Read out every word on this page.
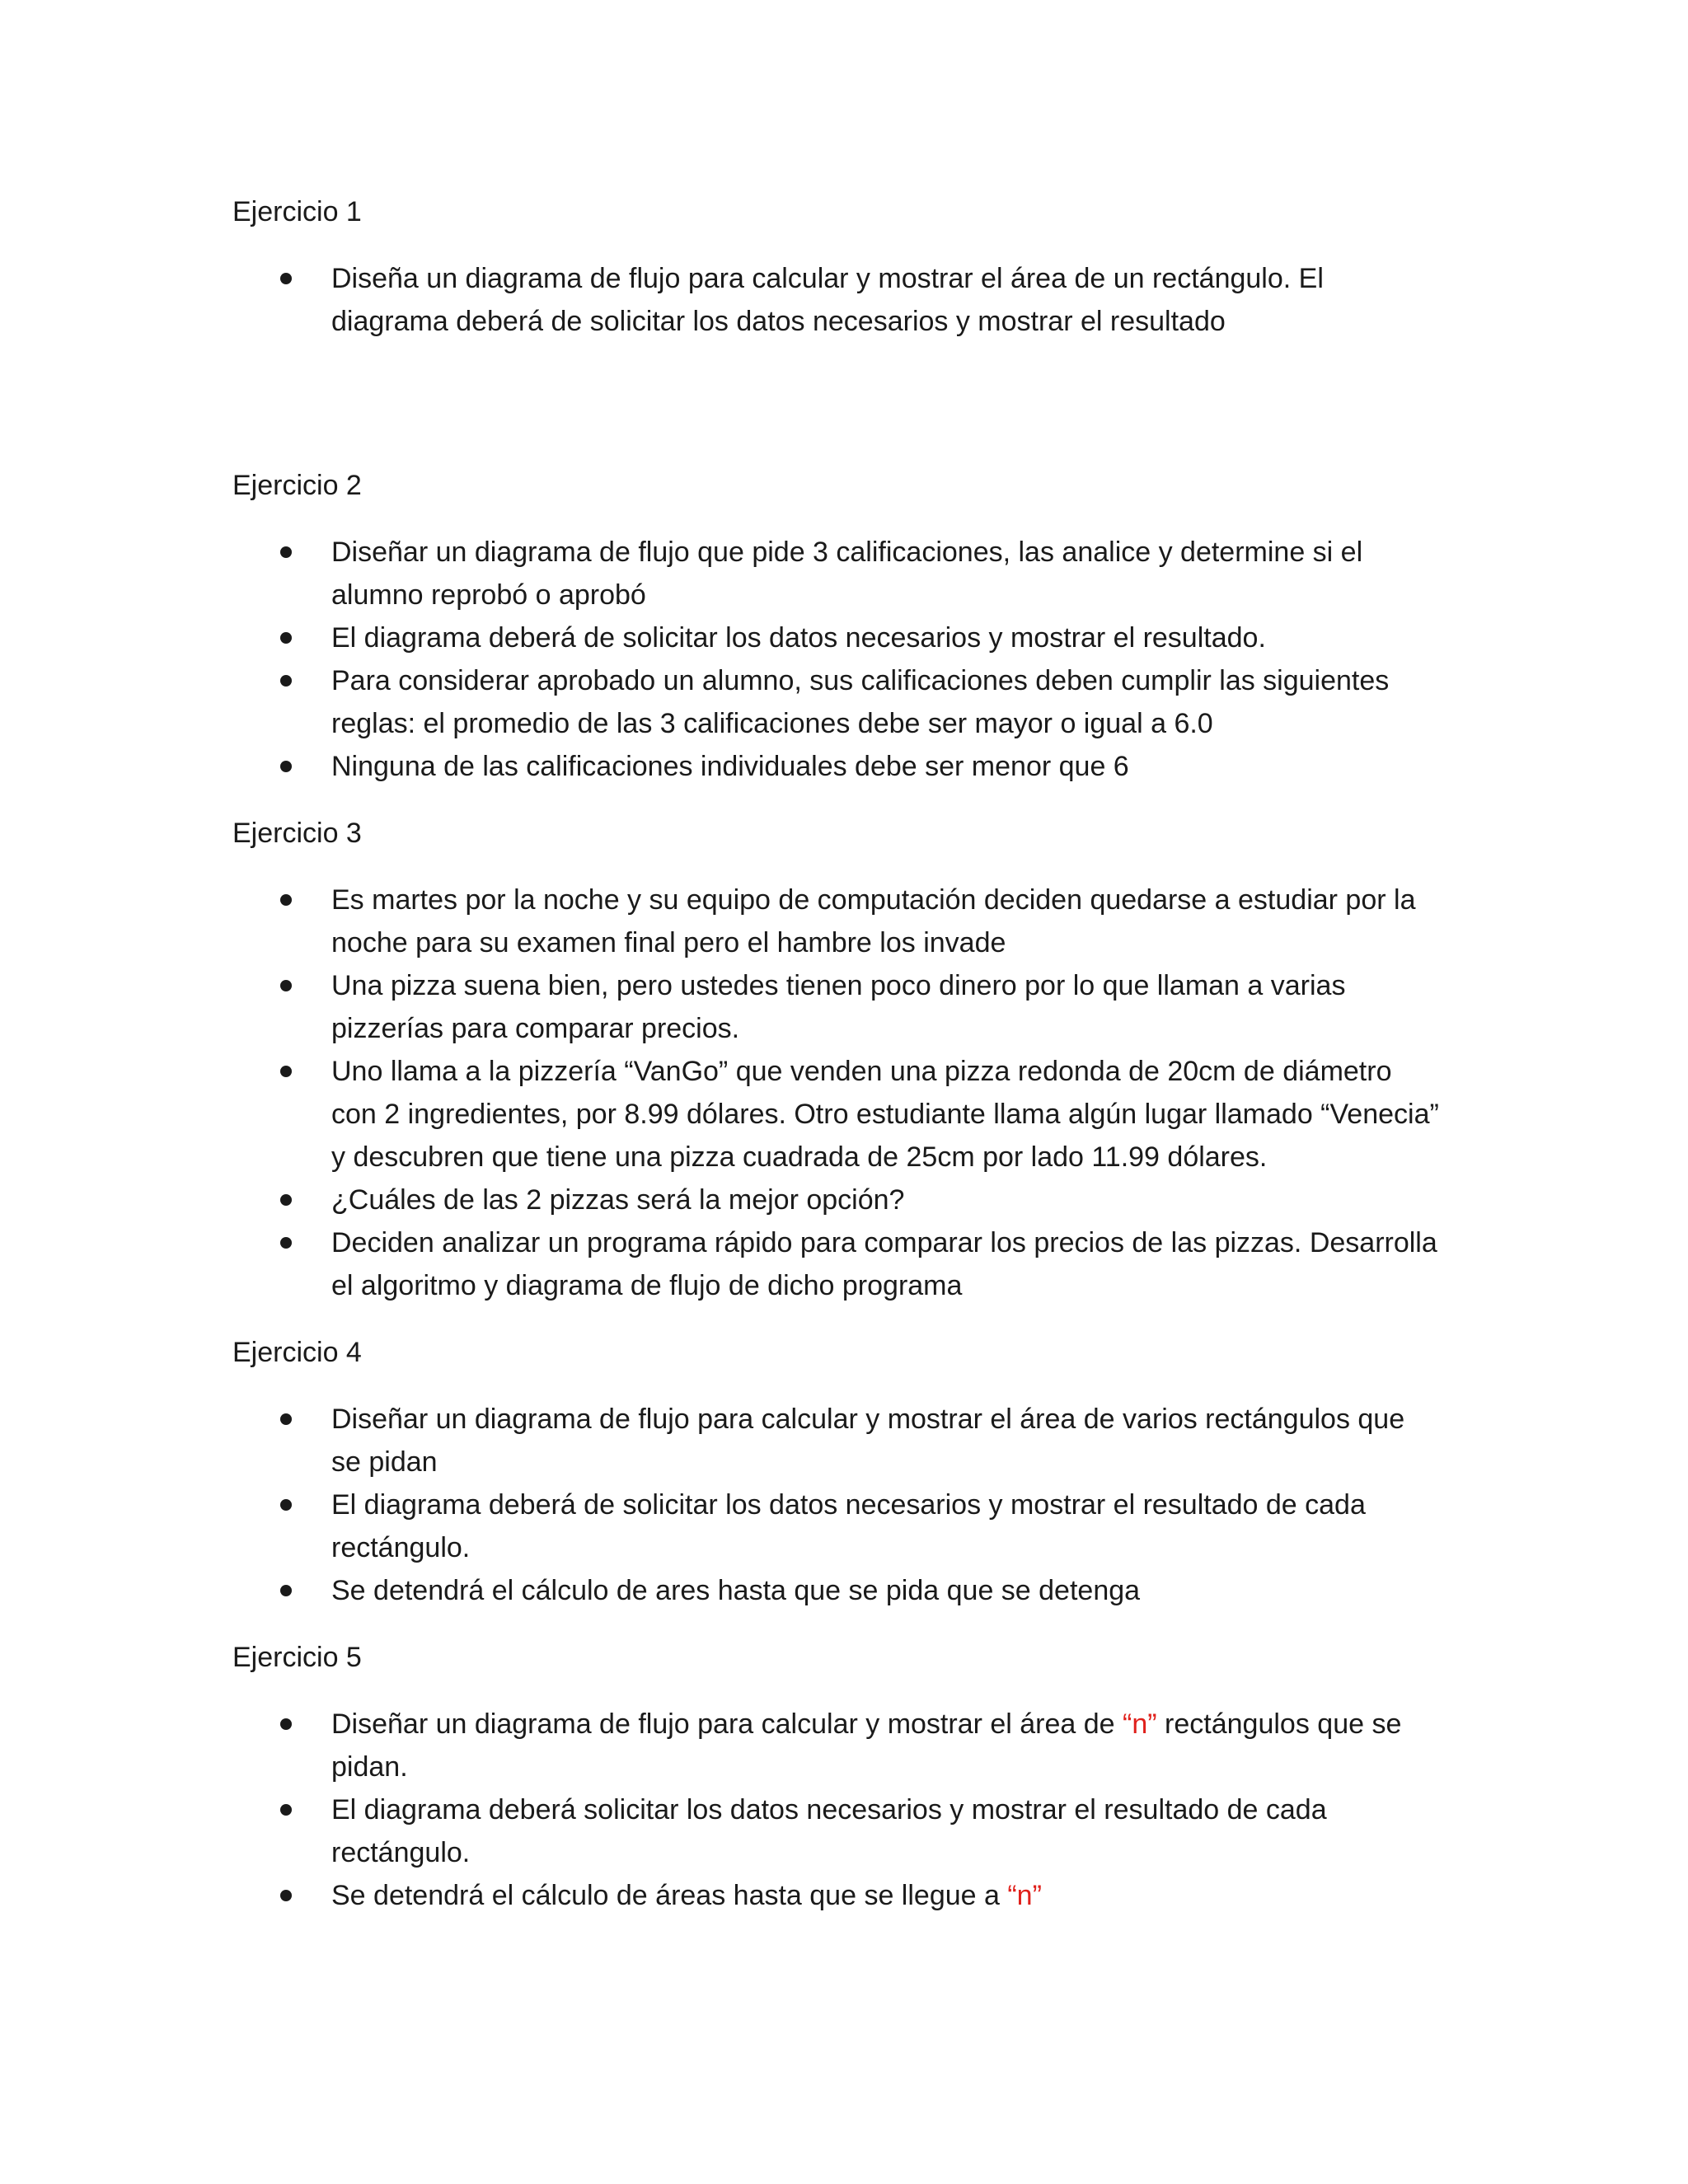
Ejercicio 1
Diseña un diagrama de flujo para calcular y mostrar el área de un rectángulo. El diagrama deberá de solicitar los datos necesarios y mostrar el resultado
Ejercicio 2
Diseñar un diagrama de flujo que pide 3 calificaciones, las analice y determine si el alumno reprobó o aprobó
El diagrama deberá de solicitar los datos necesarios y mostrar el resultado.
Para considerar aprobado un alumno, sus calificaciones deben cumplir las siguientes reglas: el promedio de las 3 calificaciones debe ser mayor o igual a 6.0
Ninguna de las calificaciones individuales debe ser menor que 6
Ejercicio 3
Es martes por la noche y su equipo de computación deciden quedarse a estudiar por la noche para su examen final pero el hambre los invade
Una pizza suena bien, pero ustedes tienen poco dinero por lo que llaman a varias pizzerías para comparar precios.
Uno llama a la pizzería “VanGo” que venden una pizza redonda de 20cm de diámetro con 2 ingredientes, por 8.99 dólares. Otro estudiante llama algún lugar llamado “Venecia” y descubren que tiene una pizza cuadrada de 25cm por lado 11.99 dólares.
¿Cuáles de las 2 pizzas será la mejor opción?
Deciden analizar un programa rápido para comparar los precios de las pizzas. Desarrolla el algoritmo y diagrama de flujo de dicho programa
Ejercicio 4
Diseñar un diagrama de flujo para calcular y mostrar el área de varios rectángulos que se pidan
El diagrama deberá de solicitar los datos necesarios y mostrar el resultado de cada rectángulo.
Se detendrá el cálculo de ares hasta que se pida que se detenga
Ejercicio 5
Diseñar un diagrama de flujo para calcular y mostrar el área de “n” rectángulos que se pidan.
El diagrama deberá solicitar los datos necesarios y mostrar el resultado de cada rectángulo.
Se detendrá el cálculo de áreas hasta que se llegue a “n”
